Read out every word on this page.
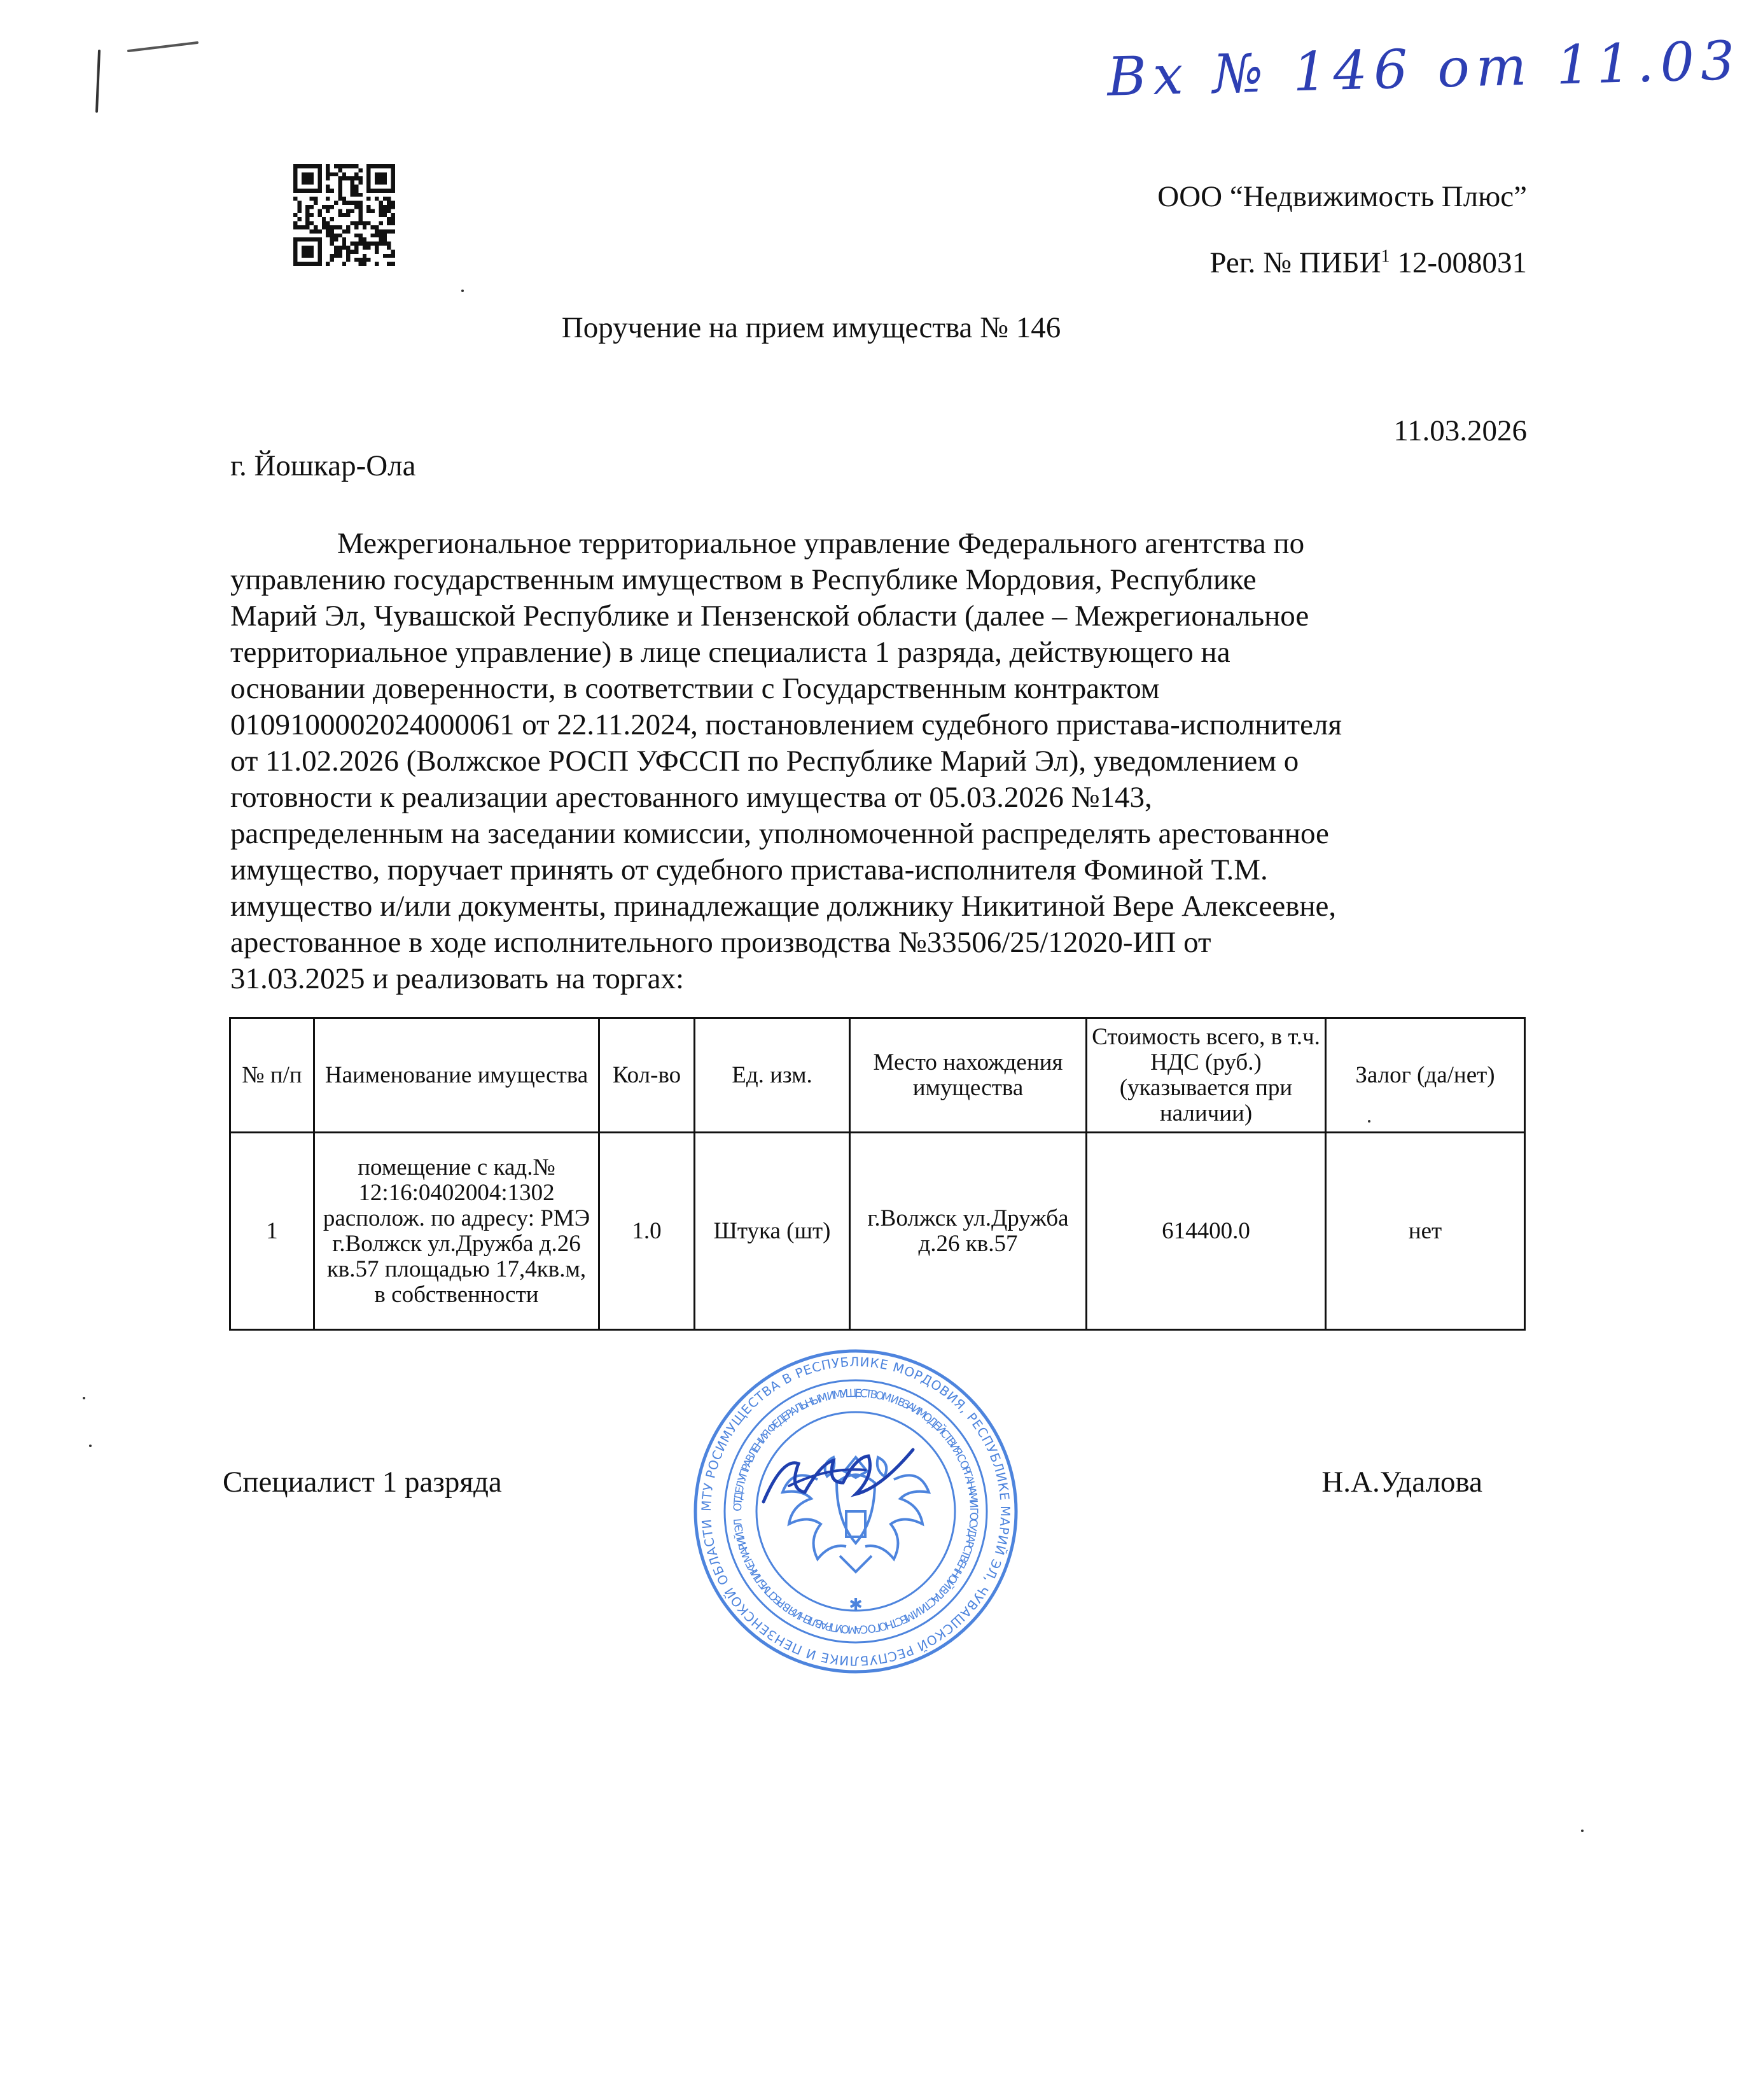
Вх № 146 от 11.03
ООО “Недвижимость Плюс”
Рег. № ПИБИ$^1$ 12-008031
Поручение на прием имущества № 146
11.03.2026
г. Йошкар-Ола
Межрегиональное территориальное управление Федерального агентства по
управлению государственным имуществом в Республике Мордовия, Республике
Марий Эл, Чувашской Республике и Пензенской области (далее – Межрегиональное
территориальное управление) в лице специалиста 1 разряда, действующего на
основании доверенности, в соответствии с Государственным контрактом
0109100002024000061 от 22.11.2024, постановлением судебного пристава-исполнителя
от 11.02.2026 (Волжское РОСП УФССП по Республике Марий Эл), уведомлением о
готовности к реализации арестованного имущества от 05.03.2026 №143,
распределенным на заседании комиссии, уполномоченной распределять арестованное
имущество, поручает принять от судебного пристава-исполнителя Фоминой Т.М.
имущество и/или документы, принадлежащие должнику Никитиной Вере Алексеевне,
арестованное в ходе исполнительного производства №33506/25/12020-ИП от
31.03.2025 и реализовать на торгах:
№ п/п	Наименование имущества	Кол-во	Ед. изм.	Место нахождения имущества	Стоимость всего, в т.ч. НДС (руб.) (указывается при наличии)	Залог (да/нет)
1	помещение с кад.№ 12:16:0402004:1302 располож. по адресу: РМЭ г.Волжск ул.Дружба д.26 кв.57 площадью 17,4кв.м, в собственности	1.0	Штука (шт)	г.Волжск ул.Дружба д.26 кв.57	614400.0	нет
МТУ РОСИМУЩЕСТВА В РЕСПУБЛИКЕ МОРДОВИЯ, РЕСПУБЛИКЕ МАРИЙ ЭЛ, ЧУВАШСКОЙ РЕСПУБЛИКЕ И ПЕНЗЕНСКОЙ ОБЛАСТИ
ОТДЕЛ УПРАВЛЕНИЯ ФЕДЕРАЛЬНЫМ ИМУЩЕСТВОМ И ВЗАИМОДЕЙСТВИЯ С ОРГАНАМИ ГОСУДАРСТВЕННОЙ ВЛАСТИ И МЕСТНОГО САМОУПРАВЛЕНИЯ В РЕСПУБЛИКЕ МАРИЙ ЭЛ
✱
Специалист 1 разряда	Н.А.Удалова
